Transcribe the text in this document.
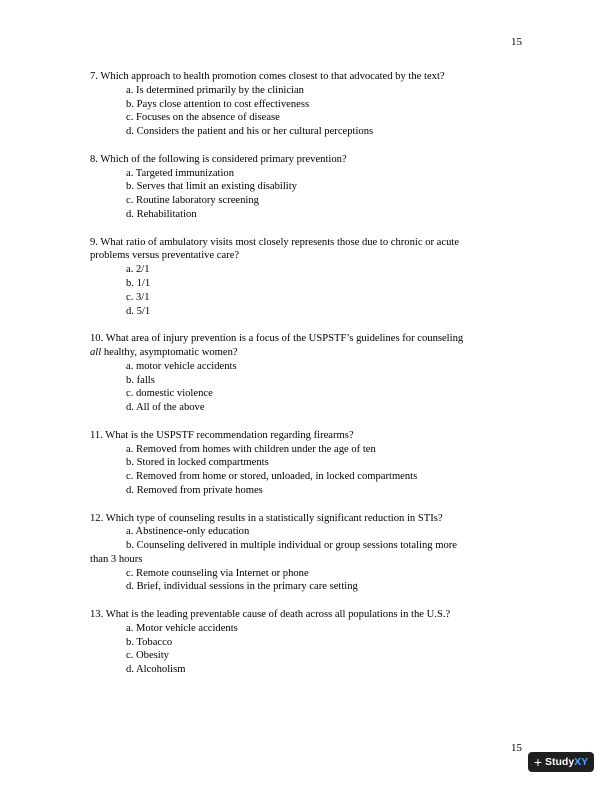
15
7. Which approach to health promotion comes closest to that advocated by the text?
a. Is determined primarily by the clinician
b. Pays close attention to cost effectiveness
c. Focuses on the absence of disease
d. Considers the patient and his or her cultural perceptions
8. Which of the following is considered primary prevention?
a. Targeted immunization
b. Serves that limit an existing disability
c. Routine laboratory screening
d. Rehabilitation
9. What ratio of ambulatory visits most closely represents those due to chronic or acute
problems versus preventative care?
a. 2/1
b. 1/1
c. 3/1
d. 5/1
10. What area of injury prevention is a focus of the USPSTF’s guidelines for counseling
all healthy, asymptomatic women?
a. motor vehicle accidents
b. falls
c. domestic violence
d. All of the above
11. What is the USPSTF recommendation regarding firearms?
a. Removed from homes with children under the age of ten
b. Stored in locked compartments
c. Removed from home or stored, unloaded, in locked compartments
d. Removed from private homes
12. Which type of counseling results in a statistically significant reduction in STIs?
a. Abstinence-only education
b. Counseling delivered in multiple individual or group sessions totaling more
than 3 hours
c. Remote counseling via Internet or phone
d. Brief, individual sessions in the primary care setting
13. What is the leading preventable cause of death across all populations in the U.S.?
a. Motor vehicle accidents
b. Tobacco
c. Obesity
d. Alcoholism
15
+ StudyXY
